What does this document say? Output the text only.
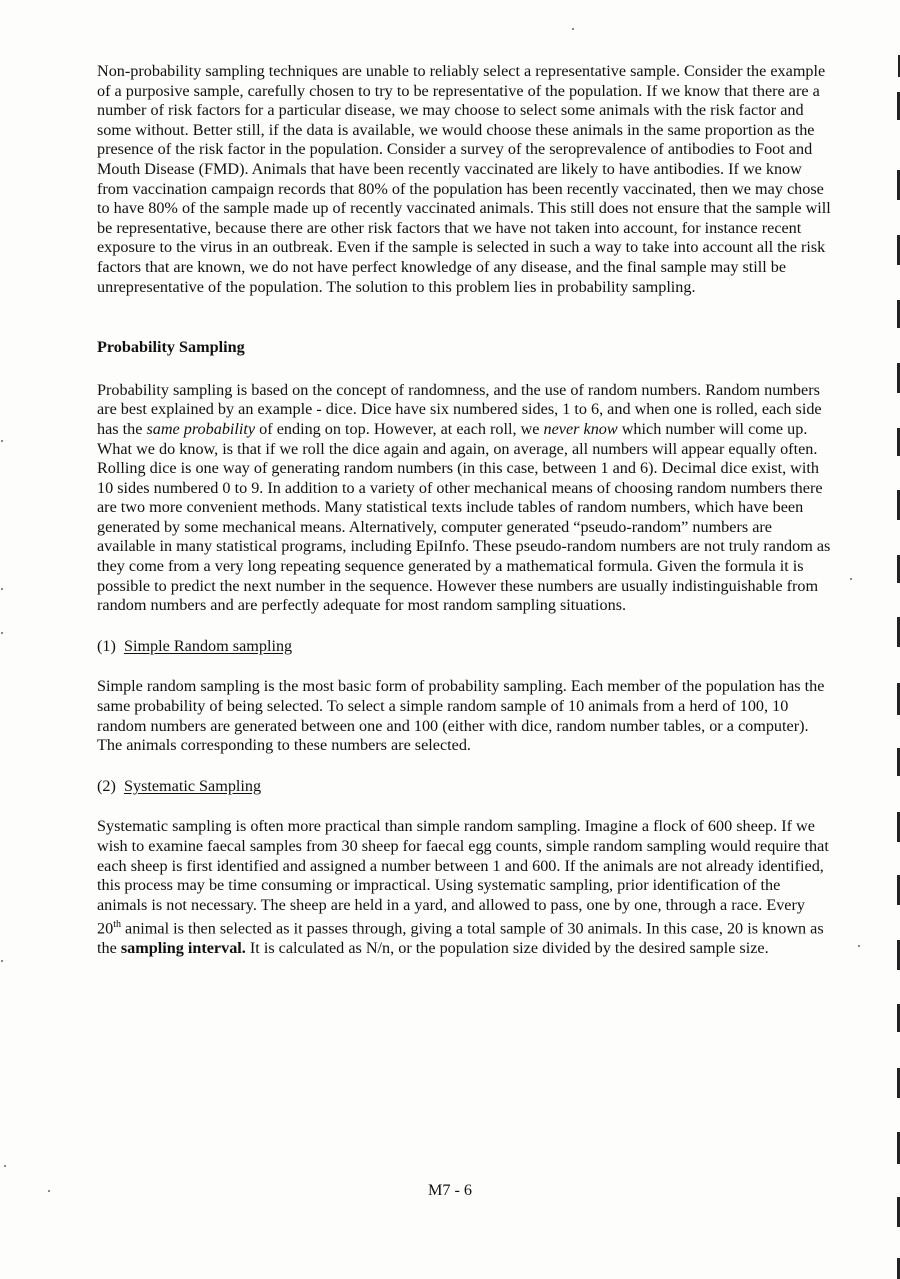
Non-probability sampling techniques are unable to reliably select a representative sample. Consider the example of a purposive sample, carefully chosen to try to be representative of the population. If we know that there are a number of risk factors for a particular disease, we may choose to select some animals with the risk factor and some without. Better still, if the data is available, we would choose these animals in the same proportion as the presence of the risk factor in the population. Consider a survey of the seroprevalence of antibodies to Foot and Mouth Disease (FMD). Animals that have been recently vaccinated are likely to have antibodies. If we know from vaccination campaign records that 80% of the population has been recently vaccinated, then we may chose to have 80% of the sample made up of recently vaccinated animals. This still does not ensure that the sample will be representative, because there are other risk factors that we have not taken into account, for instance recent exposure to the virus in an outbreak. Even if the sample is selected in such a way to take into account all the risk factors that are known, we do not have perfect knowledge of any disease, and the final sample may still be unrepresentative of the population. The solution to this problem lies in probability sampling.

Probability Sampling

Probability sampling is based on the concept of randomness, and the use of random numbers. Random numbers are best explained by an example - dice. Dice have six numbered sides, 1 to 6, and when one is rolled, each side has the same probability of ending on top. However, at each roll, we never know which number will come up. What we do know, is that if we roll the dice again and again, on average, all numbers will appear equally often. Rolling dice is one way of generating random numbers (in this case, between 1 and 6). Decimal dice exist, with 10 sides numbered 0 to 9. In addition to a variety of other mechanical means of choosing random numbers there are two more convenient methods. Many statistical texts include tables of random numbers, which have been generated by some mechanical means. Alternatively, computer generated “pseudo-random” numbers are available in many statistical programs, including EpiInfo. These pseudo-random numbers are not truly random as they come from a very long repeating sequence generated by a mathematical formula. Given the formula it is possible to predict the next number in the sequence. However these numbers are usually indistinguishable from random numbers and are perfectly adequate for most random sampling situations.

(1) Simple Random sampling

Simple random sampling is the most basic form of probability sampling. Each member of the population has the same probability of being selected. To select a simple random sample of 10 animals from a herd of 100, 10 random numbers are generated between one and 100 (either with dice, random number tables, or a computer). The animals corresponding to these numbers are selected.

(2) Systematic Sampling

Systematic sampling is often more practical than simple random sampling. Imagine a flock of 600 sheep. If we wish to examine faecal samples from 30 sheep for faecal egg counts, simple random sampling would require that each sheep is first identified and assigned a number between 1 and 600. If the animals are not already identified, this process may be time consuming or impractical. Using systematic sampling, prior identification of the animals is not necessary. The sheep are held in a yard, and allowed to pass, one by one, through a race. Every 20th animal is then selected as it passes through, giving a total sample of 30 animals. In this case, 20 is known as the sampling interval. It is calculated as N/n, or the population size divided by the desired sample size.

M7 - 6
